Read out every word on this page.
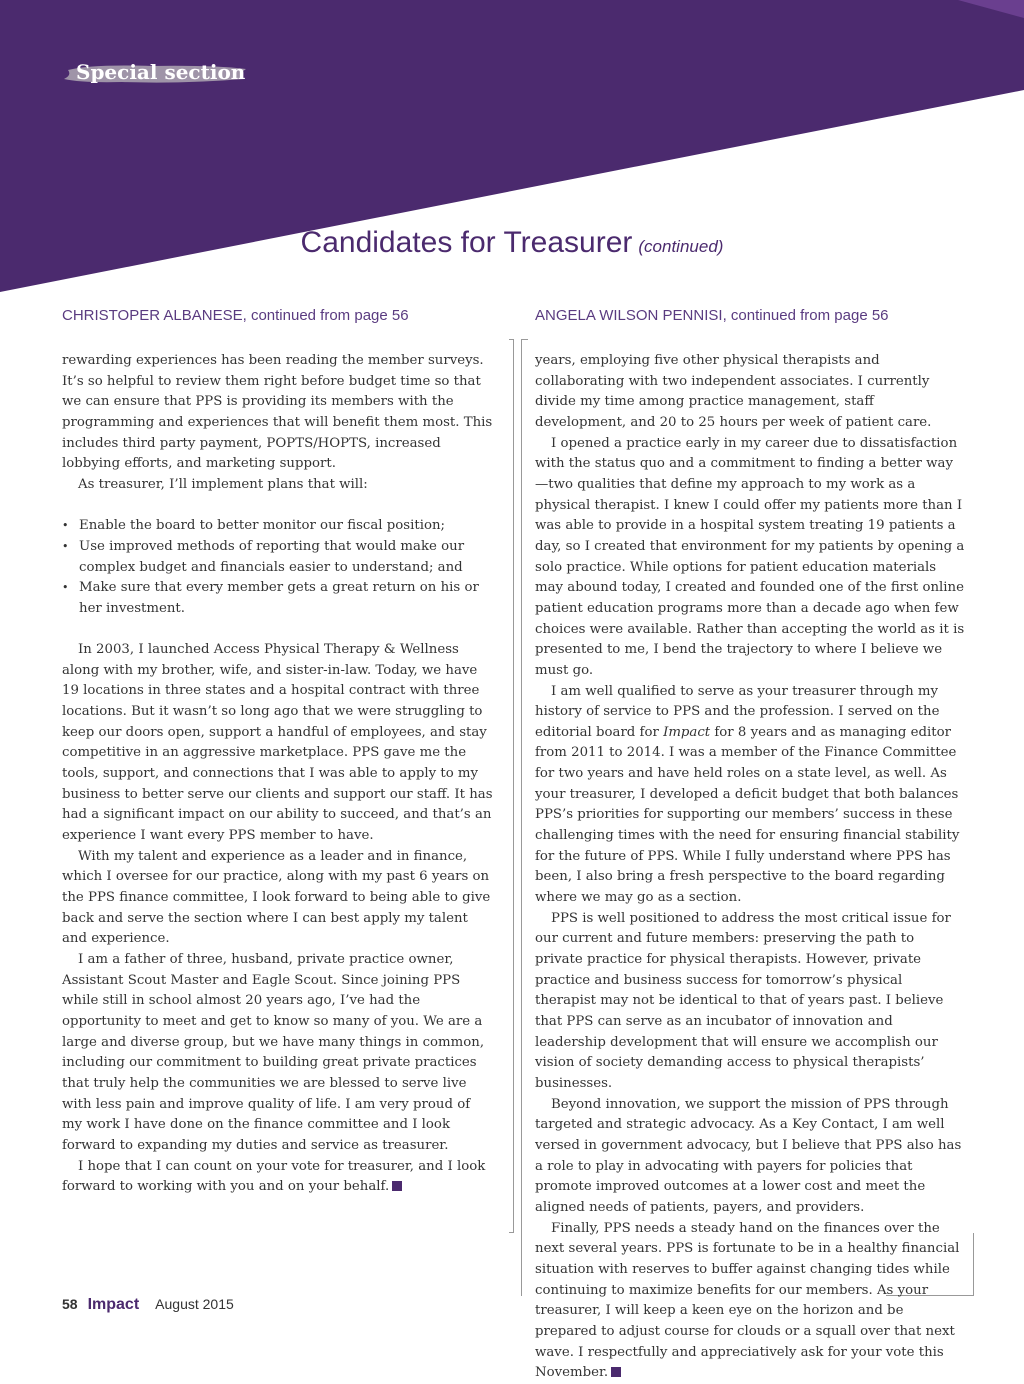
Special section
Candidates for Treasurer (continued)
CHRISTOPER ALBANESE, continued from page 56	ANGELA WILSON PENNISI, continued from page 56

rewarding experiences has been reading the member surveys. It’s so helpful to review them right before budget time so that we can ensure that PPS is providing its members with the programming and experiences that will benefit them most. This includes third party payment, POPTS/HOPTS, increased lobbying efforts, and marketing support.

As treasurer, I’ll implement plans that will:

• Enable the board to better monitor our fiscal position;
• Use improved methods of reporting that would make our complex budget and financials easier to understand; and
• Make sure that every member gets a great return on his or her investment.

In 2003, I launched Access Physical Therapy & Wellness along with my brother, wife, and sister-in-law. Today, we have 19 locations in three states and a hospital contract with three locations. But it wasn’t so long ago that we were struggling to keep our doors open, support a handful of employees, and stay competitive in an aggressive marketplace. PPS gave me the tools, support, and connections that I was able to apply to my business to better serve our clients and support our staff. It has had a significant impact on our ability to succeed, and that’s an experience I want every PPS member to have.

With my talent and experience as a leader and in finance, which I oversee for our practice, along with my past 6 years on the PPS finance committee, I look forward to being able to give back and serve the section where I can best apply my talent and experience.

I am a father of three, husband, private practice owner, Assistant Scout Master and Eagle Scout. Since joining PPS while still in school almost 20 years ago, I’ve had the opportunity to meet and get to know so many of you. We are a large and diverse group, but we have many things in common, including our commitment to building great private practices that truly help the communities we are blessed to serve live with less pain and improve quality of life. I am very proud of my work I have done on the finance committee and I look forward to expanding my duties and service as treasurer.

I hope that I can count on your vote for treasurer, and I look forward to working with you and on your behalf.

years, employing five other physical therapists and collaborating with two independent associates. I currently divide my time among practice management, staff development, and 20 to 25 hours per week of patient care.

I opened a practice early in my career due to dissatisfaction with the status quo and a commitment to finding a better way—two qualities that define my approach to my work as a physical therapist. I knew I could offer my patients more than I was able to provide in a hospital system treating 19 patients a day, so I created that environment for my patients by opening a solo practice. While options for patient education materials may abound today, I created and founded one of the first online patient education programs more than a decade ago when few choices were available. Rather than accepting the world as it is presented to me, I bend the trajectory to where I believe we must go.

I am well qualified to serve as your treasurer through my history of service to PPS and the profession. I served on the editorial board for Impact for 8 years and as managing editor from 2011 to 2014. I was a member of the Finance Committee for two years and have held roles on a state level, as well. As your treasurer, I developed a deficit budget that both balances PPS’s priorities for supporting our members’ success in these challenging times with the need for ensuring financial stability for the future of PPS. While I fully understand where PPS has been, I also bring a fresh perspective to the board regarding where we may go as a section.

PPS is well positioned to address the most critical issue for our current and future members: preserving the path to private practice for physical therapists. However, private practice and business success for tomorrow’s physical therapist may not be identical to that of years past. I believe that PPS can serve as an incubator of innovation and leadership development that will ensure we accomplish our vision of society demanding access to physical therapists’ businesses.

Beyond innovation, we support the mission of PPS through targeted and strategic advocacy. As a Key Contact, I am well versed in government advocacy, but I believe that PPS also has a role to play in advocating with payers for policies that promote improved outcomes at a lower cost and meet the aligned needs of patients, payers, and providers.

Finally, PPS needs a steady hand on the finances over the next several years. PPS is fortunate to be in a healthy financial situation with reserves to buffer against changing tides while continuing to maximize benefits for our members. As your treasurer, I will keep a keen eye on the horizon and be prepared to adjust course for clouds or a squall over that next wave. I respectfully and appreciatively ask for your vote this November.

58 Impact August 2015
